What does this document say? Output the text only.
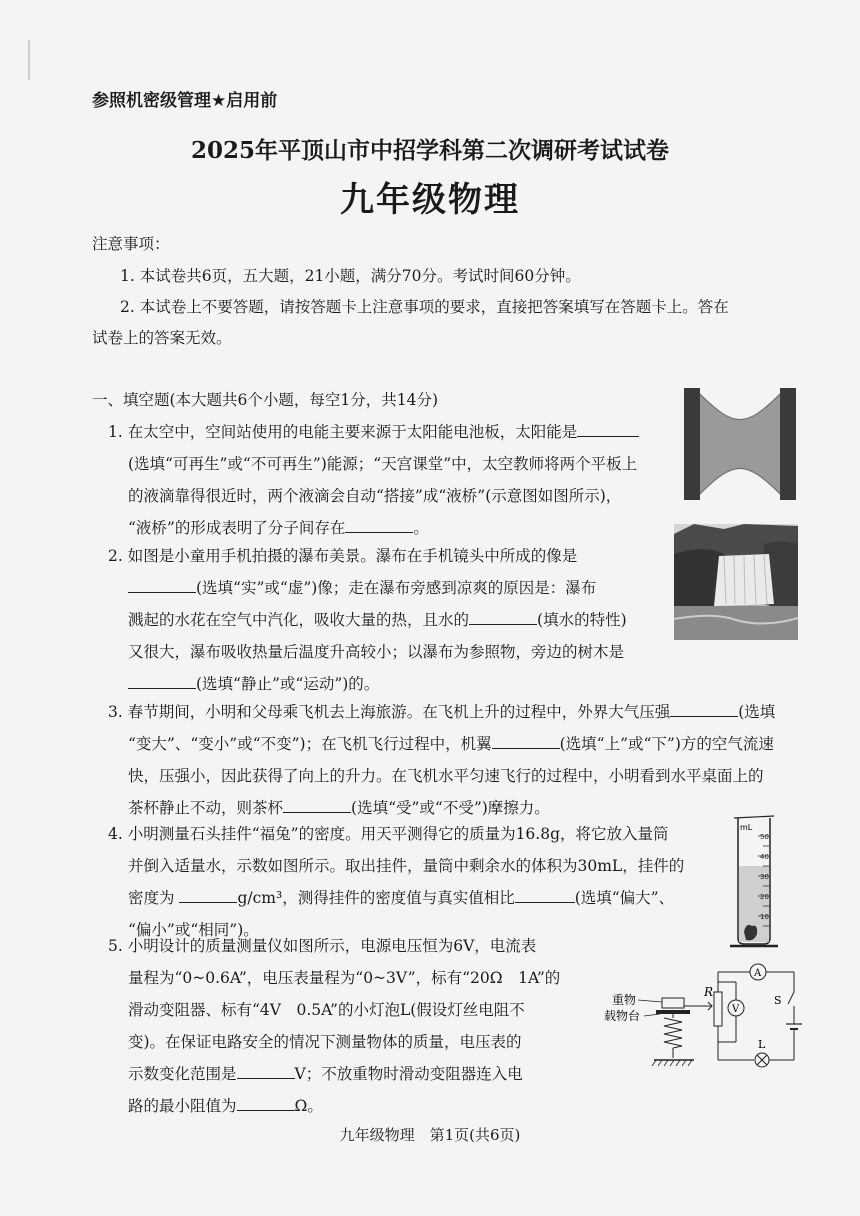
参照机密级管理★启用前
2025年平顶山市中招学科第二次调研考试试卷
九年级物理
注意事项：
1. 本试卷共6页，五大题，21小题，满分70分。考试时间60分钟。
2. 本试卷上不要答题，请按答题卡上注意事项的要求，直接把答案填写在答题卡上。答在
试卷上的答案无效。
一、填空题(本大题共6个小题，每空1分，共14分)
1. 在太空中，空间站使用的电能主要来源于太阳能电池板，太阳能是
(选填“可再生”或“不可再生”)能源；“天宫课堂”中，太空教师将两个平板上
的液滴靠得很近时，两个液滴会自动“搭接”成“液桥”(示意图如图所示)，
“液桥”的形成表明了分子间存在	。
2. 如图是小童用手机拍摄的瀑布美景。瀑布在手机镜头中所成的像是
(选填“实”或“虚”)像；走在瀑布旁感到凉爽的原因是：瀑布
溅起的水花在空气中汽化，吸收大量的热，且水的	(填水的特性)
又很大，瀑布吸收热量后温度升高较小；以瀑布为参照物，旁边的树木是
(选填“静止”或“运动”)的。
3. 春节期间，小明和父母乘飞机去上海旅游。在飞机上升的过程中，外界大气压强	(选填
“变大”、“变小”或“不变”)；在飞机飞行过程中，机翼	(选填“上”或“下”)方的空气流速
快，压强小，因此获得了向上的升力。在飞机水平匀速飞行的过程中，小明看到水平桌面上的
茶杯静止不动，则茶杯	(选填“受”或“不受”)摩擦力。
4. 小明测量石头挂件“福兔”的密度。用天平测得它的质量为16.8g，将它放入量筒
并倒入适量水，示数如图所示。取出挂件，量筒中剩余水的体积为30mL，挂件的
密度为	g/cm³，测得挂件的密度值与真实值相比	(选填“偏大”、
“偏小”或“相同”)。
mL
50
40
30
20
10
5. 小明设计的质量测量仪如图所示，电源电压恒为6V，电流表
量程为“0~0.6A”，电压表量程为“0~3V”，标有“20Ω　1A”的
滑动变阻器、标有“4V　0.5A”的小灯泡L(假设灯丝电阻不
变)。在保证电路安全的情况下测量物体的质量，电压表的
示数变化范围是	V；不放重物时滑动变阻器连入电
路的最小阻值为	Ω。
重物
载物台
R
A
S
V
L
九年级物理　第1页(共6页)
